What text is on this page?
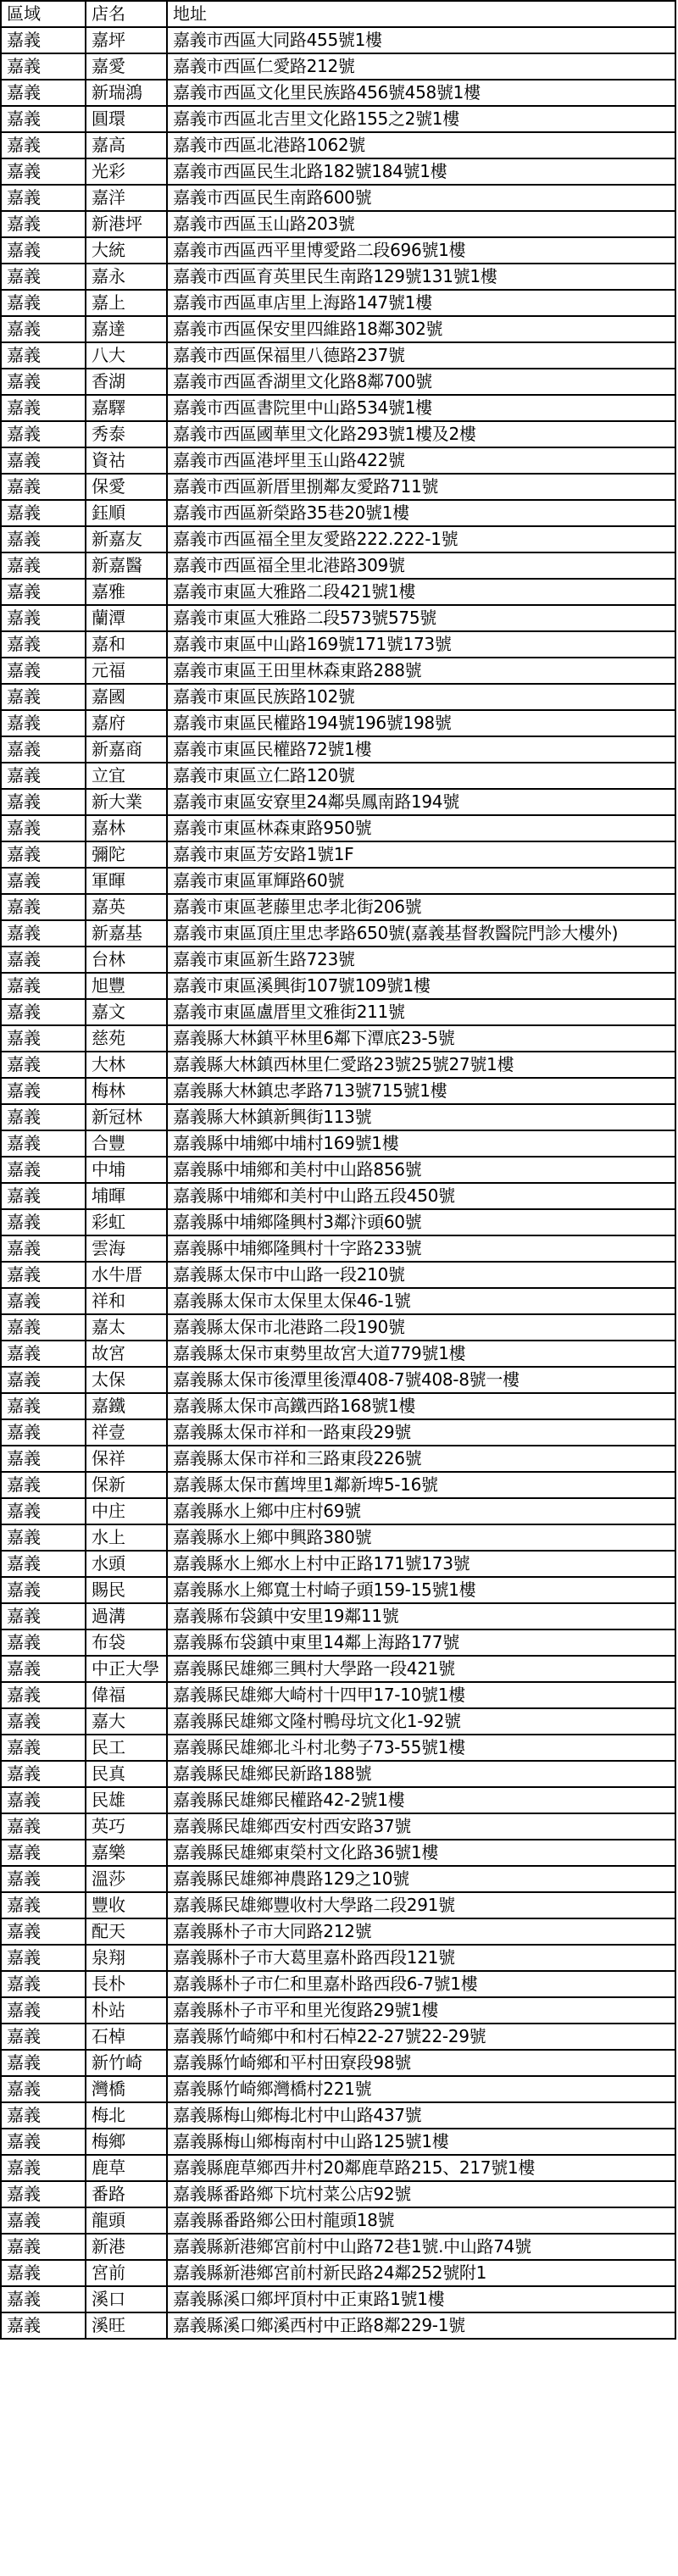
區域	店名	地址
嘉義	嘉坪	嘉義市西區大同路455號1樓
嘉義	嘉愛	嘉義市西區仁愛路212號
嘉義	新瑞鴻	嘉義市西區文化里民族路456號458號1樓
嘉義	圓環	嘉義市西區北吉里文化路155之2號1樓
嘉義	嘉高	嘉義市西區北港路1062號
嘉義	光彩	嘉義市西區民生北路182號184號1樓
嘉義	嘉洋	嘉義市西區民生南路600號
嘉義	新港坪	嘉義市西區玉山路203號
嘉義	大統	嘉義市西區西平里博愛路二段696號1樓
嘉義	嘉永	嘉義市西區育英里民生南路129號131號1樓
嘉義	嘉上	嘉義市西區車店里上海路147號1樓
嘉義	嘉達	嘉義市西區保安里四維路18鄰302號
嘉義	八大	嘉義市西區保福里八德路237號
嘉義	香湖	嘉義市西區香湖里文化路8鄰700號
嘉義	嘉驛	嘉義市西區書院里中山路534號1樓
嘉義	秀泰	嘉義市西區國華里文化路293號1樓及2樓
嘉義	資祜	嘉義市西區港坪里玉山路422號
嘉義	保愛	嘉義市西區新厝里捌鄰友愛路711號
嘉義	鈺順	嘉義市西區新榮路35巷20號1樓
嘉義	新嘉友	嘉義市西區福全里友愛路222.222-1號
嘉義	新嘉醫	嘉義市西區福全里北港路309號
嘉義	嘉雅	嘉義市東區大雅路二段421號1樓
嘉義	蘭潭	嘉義市東區大雅路二段573號575號
嘉義	嘉和	嘉義市東區中山路169號171號173號
嘉義	元福	嘉義市東區王田里林森東路288號
嘉義	嘉國	嘉義市東區民族路102號
嘉義	嘉府	嘉義市東區民權路194號196號198號
嘉義	新嘉商	嘉義市東區民權路72號1樓
嘉義	立宜	嘉義市東區立仁路120號
嘉義	新大業	嘉義市東區安寮里24鄰吳鳳南路194號
嘉義	嘉林	嘉義市東區林森東路950號
嘉義	彌陀	嘉義市東區芳安路1號1F
嘉義	軍暉	嘉義市東區軍輝路60號
嘉義	嘉英	嘉義市東區荖藤里忠孝北街206號
嘉義	新嘉基	嘉義市東區頂庄里忠孝路650號(嘉義基督教醫院門診大樓外)
嘉義	台林	嘉義市東區新生路723號
嘉義	旭豐	嘉義市東區溪興街107號109號1樓
嘉義	嘉文	嘉義市東區盧厝里文雅街211號
嘉義	慈苑	嘉義縣大林鎮平林里6鄰下潭底23-5號
嘉義	大林	嘉義縣大林鎮西林里仁愛路23號25號27號1樓
嘉義	梅林	嘉義縣大林鎮忠孝路713號715號1樓
嘉義	新冠林	嘉義縣大林鎮新興街113號
嘉義	合豐	嘉義縣中埔鄉中埔村169號1樓
嘉義	中埔	嘉義縣中埔鄉和美村中山路856號
嘉義	埔暉	嘉義縣中埔鄉和美村中山路五段450號
嘉義	彩虹	嘉義縣中埔鄉隆興村3鄰汴頭60號
嘉義	雲海	嘉義縣中埔鄉隆興村十字路233號
嘉義	水牛厝	嘉義縣太保市中山路一段210號
嘉義	祥和	嘉義縣太保市太保里太保46-1號
嘉義	嘉太	嘉義縣太保市北港路二段190號
嘉義	故宮	嘉義縣太保市東勢里故宮大道779號1樓
嘉義	太保	嘉義縣太保市後潭里後潭408-7號408-8號一樓
嘉義	嘉鐵	嘉義縣太保市高鐵西路168號1樓
嘉義	祥壹	嘉義縣太保市祥和一路東段29號
嘉義	保祥	嘉義縣太保市祥和三路東段226號
嘉義	保新	嘉義縣太保市舊埤里1鄰新埤5-16號
嘉義	中庄	嘉義縣水上鄉中庄村69號
嘉義	水上	嘉義縣水上鄉中興路380號
嘉義	水頭	嘉義縣水上鄉水上村中正路171號173號
嘉義	賜民	嘉義縣水上鄉寬士村崎子頭159-15號1樓
嘉義	過溝	嘉義縣布袋鎮中安里19鄰11號
嘉義	布袋	嘉義縣布袋鎮中東里14鄰上海路177號
嘉義	中正大學	嘉義縣民雄鄉三興村大學路一段421號
嘉義	偉福	嘉義縣民雄鄉大崎村十四甲17-10號1樓
嘉義	嘉大	嘉義縣民雄鄉文隆村鴨母坑文化1-92號
嘉義	民工	嘉義縣民雄鄉北斗村北勢子73-55號1樓
嘉義	民真	嘉義縣民雄鄉民新路188號
嘉義	民雄	嘉義縣民雄鄉民權路42-2號1樓
嘉義	英巧	嘉義縣民雄鄉西安村西安路37號
嘉義	嘉樂	嘉義縣民雄鄉東榮村文化路36號1樓
嘉義	溫莎	嘉義縣民雄鄉神農路129之10號
嘉義	豐收	嘉義縣民雄鄉豐收村大學路二段291號
嘉義	配天	嘉義縣朴子市大同路212號
嘉義	泉翔	嘉義縣朴子市大葛里嘉朴路西段121號
嘉義	長朴	嘉義縣朴子市仁和里嘉朴路西段6-7號1樓
嘉義	朴站	嘉義縣朴子市平和里光復路29號1樓
嘉義	石棹	嘉義縣竹崎鄉中和村石棹22-27號22-29號
嘉義	新竹崎	嘉義縣竹崎鄉和平村田寮段98號
嘉義	灣橋	嘉義縣竹崎鄉灣橋村221號
嘉義	梅北	嘉義縣梅山鄉梅北村中山路437號
嘉義	梅鄉	嘉義縣梅山鄉梅南村中山路125號1樓
嘉義	鹿草	嘉義縣鹿草鄉西井村20鄰鹿草路215、217號1樓
嘉義	番路	嘉義縣番路鄉下坑村菜公店92號
嘉義	龍頭	嘉義縣番路鄉公田村龍頭18號
嘉義	新港	嘉義縣新港鄉宮前村中山路72巷1號.中山路74號
嘉義	宮前	嘉義縣新港鄉宮前村新民路24鄰252號附1
嘉義	溪口	嘉義縣溪口鄉坪頂村中正東路1號1樓
嘉義	溪旺	嘉義縣溪口鄉溪西村中正路8鄰229-1號
